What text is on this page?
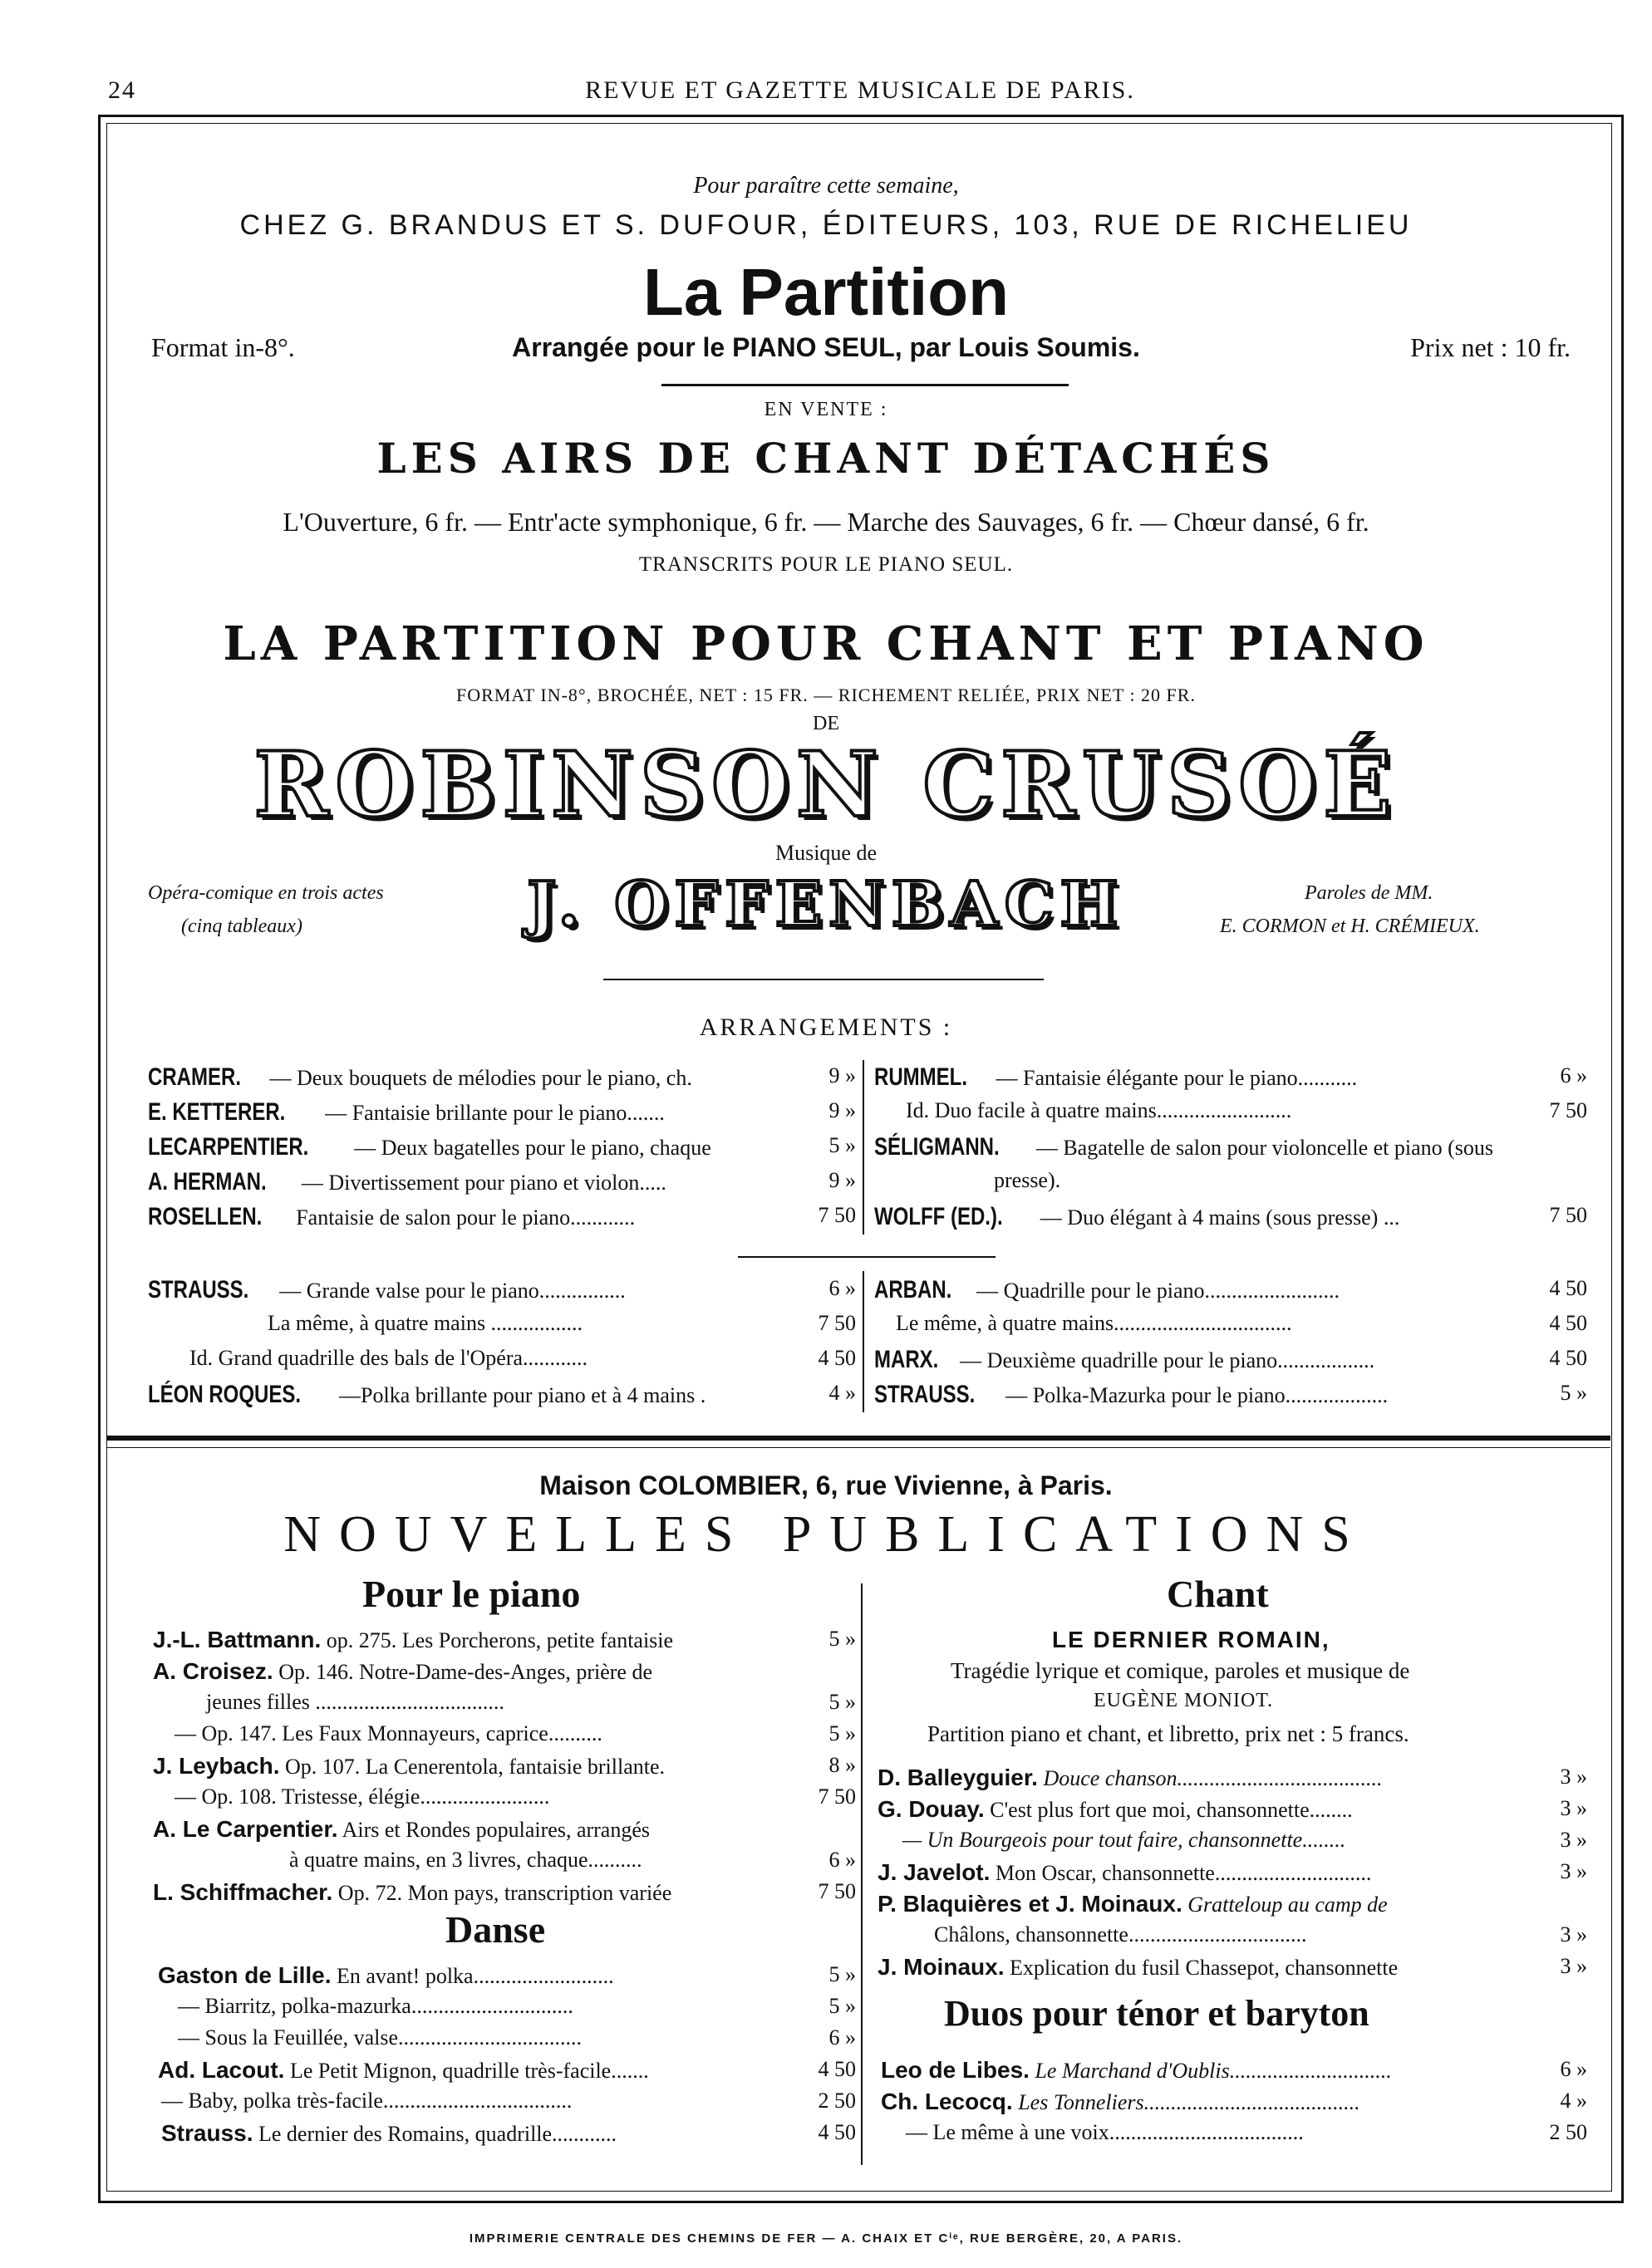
24	REVUE ET GAZETTE MUSICALE DE PARIS.
Pour paraître cette semaine,
CHEZ G. BRANDUS ET S. DUFOUR, ÉDITEURS, 103, RUE DE RICHELIEU
La Partition
Format in-8°.	Arrangée pour le PIANO SEUL, par Louis Soumis.	Prix net : 10 fr.
EN VENTE :
LES AIRS DE CHANT DÉTACHÉS
L'Ouverture, 6 fr. — Entr'acte symphonique, 6 fr. — Marche des Sauvages, 6 fr. — Chœur dansé, 6 fr.
TRANSCRITS POUR LE PIANO SEUL.
LA PARTITION POUR CHANT ET PIANO
FORMAT IN-8°, BROCHÉE, NET : 15 FR. — RICHEMENT RELIÉE, PRIX NET : 20 FR.
DE
ROBINSON CRUSOÉ
Musique de
Opéra-comique en trois actes
(cinq tableaux)	J. OFFENBACH	Paroles de MM.
E. CORMON et H. CRÉMIEUX.
ARRANGEMENTS :
CRAMER. — Deux bouquets de mélodies pour le piano, ch.	9 »
E. KETTERER. — Fantaisie brillante pour le piano.......	9 »
LECARPENTIER. — Deux bagatelles pour le piano, chaque	5 »
A. HERMAN. — Divertissement pour piano et violon.....	9 »
ROSELLEN. Fantaisie de salon pour le piano............	7 50
RUMMEL. — Fantaisie élégante pour le piano...........	6 »
Id. Duo facile à quatre mains.........................	7 50
SÉLIGMANN. — Bagatelle de salon pour violoncelle et piano (sous
presse).
WOLFF (ED.). — Duo élégant à 4 mains (sous presse) ...	7 50
STRAUSS. — Grande valse pour le piano................	6 »
La même, à quatre mains .................	7 50
Id. Grand quadrille des bals de l'Opéra............	4 50
LÉON ROQUES. —Polka brillante pour piano et à 4 mains .	4 »
ARBAN. — Quadrille pour le piano.........................	4 50
Le même, à quatre mains.................................	4 50
MARX. — Deuxième quadrille pour le piano..................	4 50
STRAUSS. — Polka-Mazurka pour le piano...................	5 »
Maison COLOMBIER, 6, rue Vivienne, à Paris.
NOUVELLES PUBLICATIONS
Pour le piano
J.-L. Battmann. op. 275. Les Porcherons, petite fantaisie	5 »
A. Croisez. Op. 146. Notre-Dame-des-Anges, prière de
jeunes filles ...................................	5 »
— Op. 147. Les Faux Monnayeurs, caprice..........	5 »
J. Leybach. Op. 107. La Cenerentola, fantaisie brillante.	8 »
— Op. 108. Tristesse, élégie........................	7 50
A. Le Carpentier. Airs et Rondes populaires, arrangés
à quatre mains, en 3 livres, chaque..........	6 »
L. Schiffmacher. Op. 72. Mon pays, transcription variée	7 50
Danse
Gaston de Lille. En avant! polka..........................	5 »
— Biarritz, polka-mazurka..............................	5 »
— Sous la Feuillée, valse..................................	6 »
Ad. Lacout. Le Petit Mignon, quadrille très-facile.......	4 50
— Baby, polka très-facile...................................	2 50
Strauss. Le dernier des Romains, quadrille............	4 50
Chant
LE DERNIER ROMAIN,
Tragédie lyrique et comique, paroles et musique de
EUGÈNE MONIOT.
Partition piano et chant, et libretto, prix net : 5 francs.
D. Balleyguier. Douce chanson......................................	3 »
G. Douay. C'est plus fort que moi, chansonnette........	3 »
— Un Bourgeois pour tout faire, chansonnette........	3 »
J. Javelot. Mon Oscar, chansonnette.............................	3 »
P. Blaquières et J. Moinaux. Gratteloup au camp de
Châlons, chansonnette.................................	3 »
J. Moinaux. Explication du fusil Chassepot, chansonnette	3 »
Duos pour ténor et baryton
Leo de Libes. Le Marchand d'Oublis..............................	6 »
Ch. Lecocq. Les Tonneliers........................................	4 »
— Le même à une voix....................................	2 50
IMPRIMERIE CENTRALE DES CHEMINS DE FER — A. CHAIX ET Cⁱᵉ, RUE BERGÈRE, 20, A PARIS.
